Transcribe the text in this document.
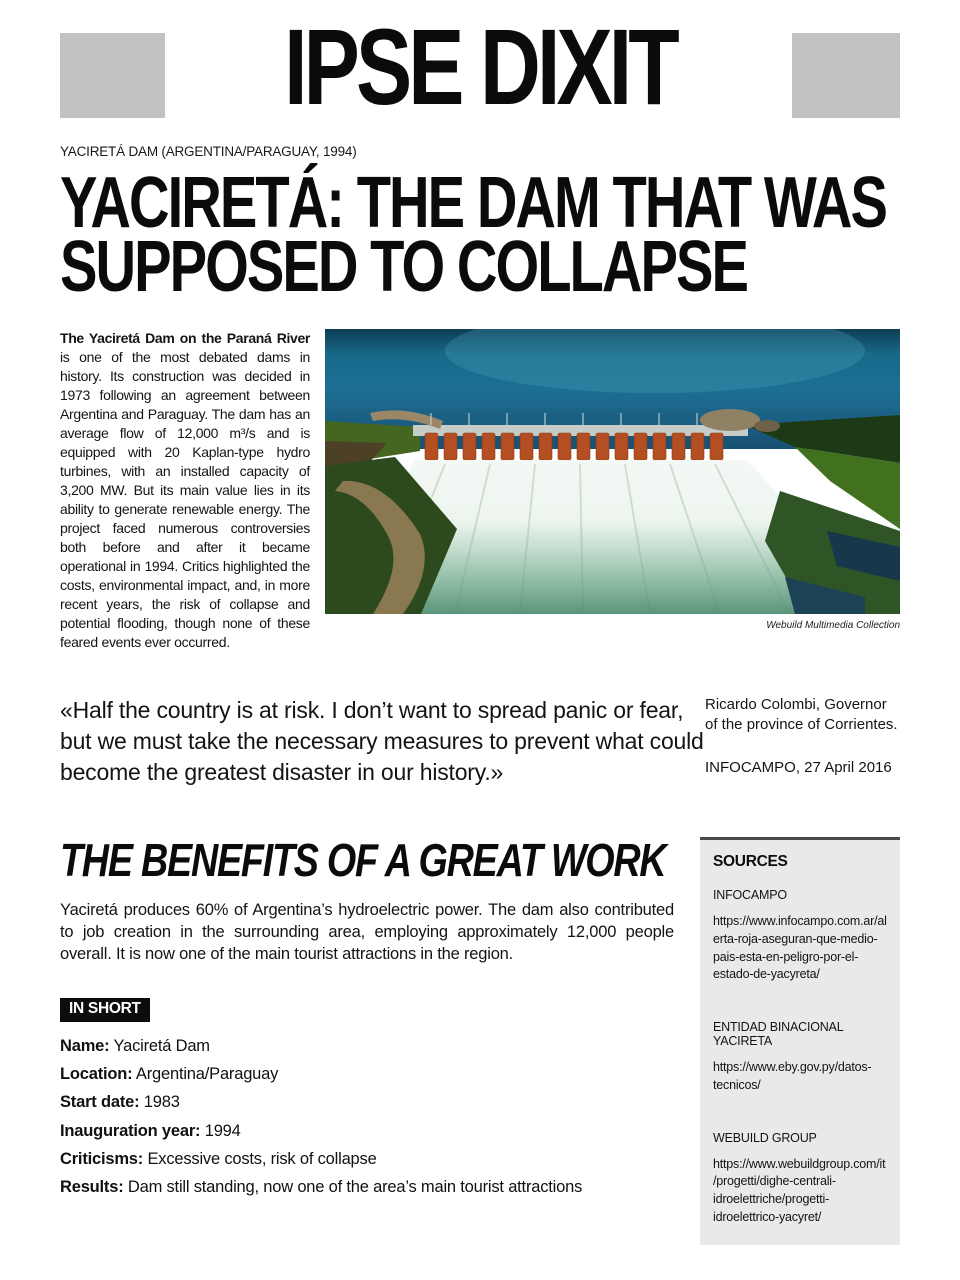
IPSE DIXIT
YACIRETÁ DAM (ARGENTINA/PARAGUAY, 1994)
YACIRETÁ: THE DAM THAT WAS
SUPPOSED TO COLLAPSE

The Yaciretá Dam on the Paraná River is one of the most debated dams in history. Its construction was decided in 1973 following an agreement between Argentina and Paraguay. The dam has an average flow of 12,000 m³/s and is equipped with 20 Kaplan-type hydro turbines, with an installed capacity of 3,200 MW. But its main value lies in its ability to generate renewable energy. The project faced numerous controversies both before and after it became operational in 1994. Critics highlighted the costs, environmental impact, and, in more recent years, the risk of collapse and potential flooding, though none of these feared events ever occurred.

Webuild Multimedia Collection
«Half the country is at risk. I don’t want to spread panic or fear, but we must take the necessary measures to prevent what could become the greatest disaster in our history.»
Ricardo Colombi, Governor
of the province of Corrientes.
INFOCAMPO, 27 April 2016
THE BENEFITS OF A GREAT WORK

Yaciretá produces 60% of Argentina’s hydroelectric power. The dam also contributed to job creation in the surrounding area, employing approximately 12,000 people overall. It is now one of the main tourist attractions in the region.

IN SHORT
Name: Yaciretá Dam
Location: Argentina/Paraguay
Start date: 1983
Inauguration year: 1994
Criticisms: Excessive costs, risk of collapse
Results: Dam still standing, now one of the area’s main tourist attractions
SOURCES
INFOCAMPO
https://www.infocampo.com.ar/alerta-roja-aseguran-que-medio-pais-esta-en-peligro-por-el-estado-de-yacyreta/
ENTIDAD BINACIONAL YACIRETA
https://www.eby.gov.py/datos-tecnicos/
WEBUILD GROUP
https://www.webuildgroup.com/it/progetti/dighe-centrali-idroelettriche/progetti-idroelettrico-yacyret/
